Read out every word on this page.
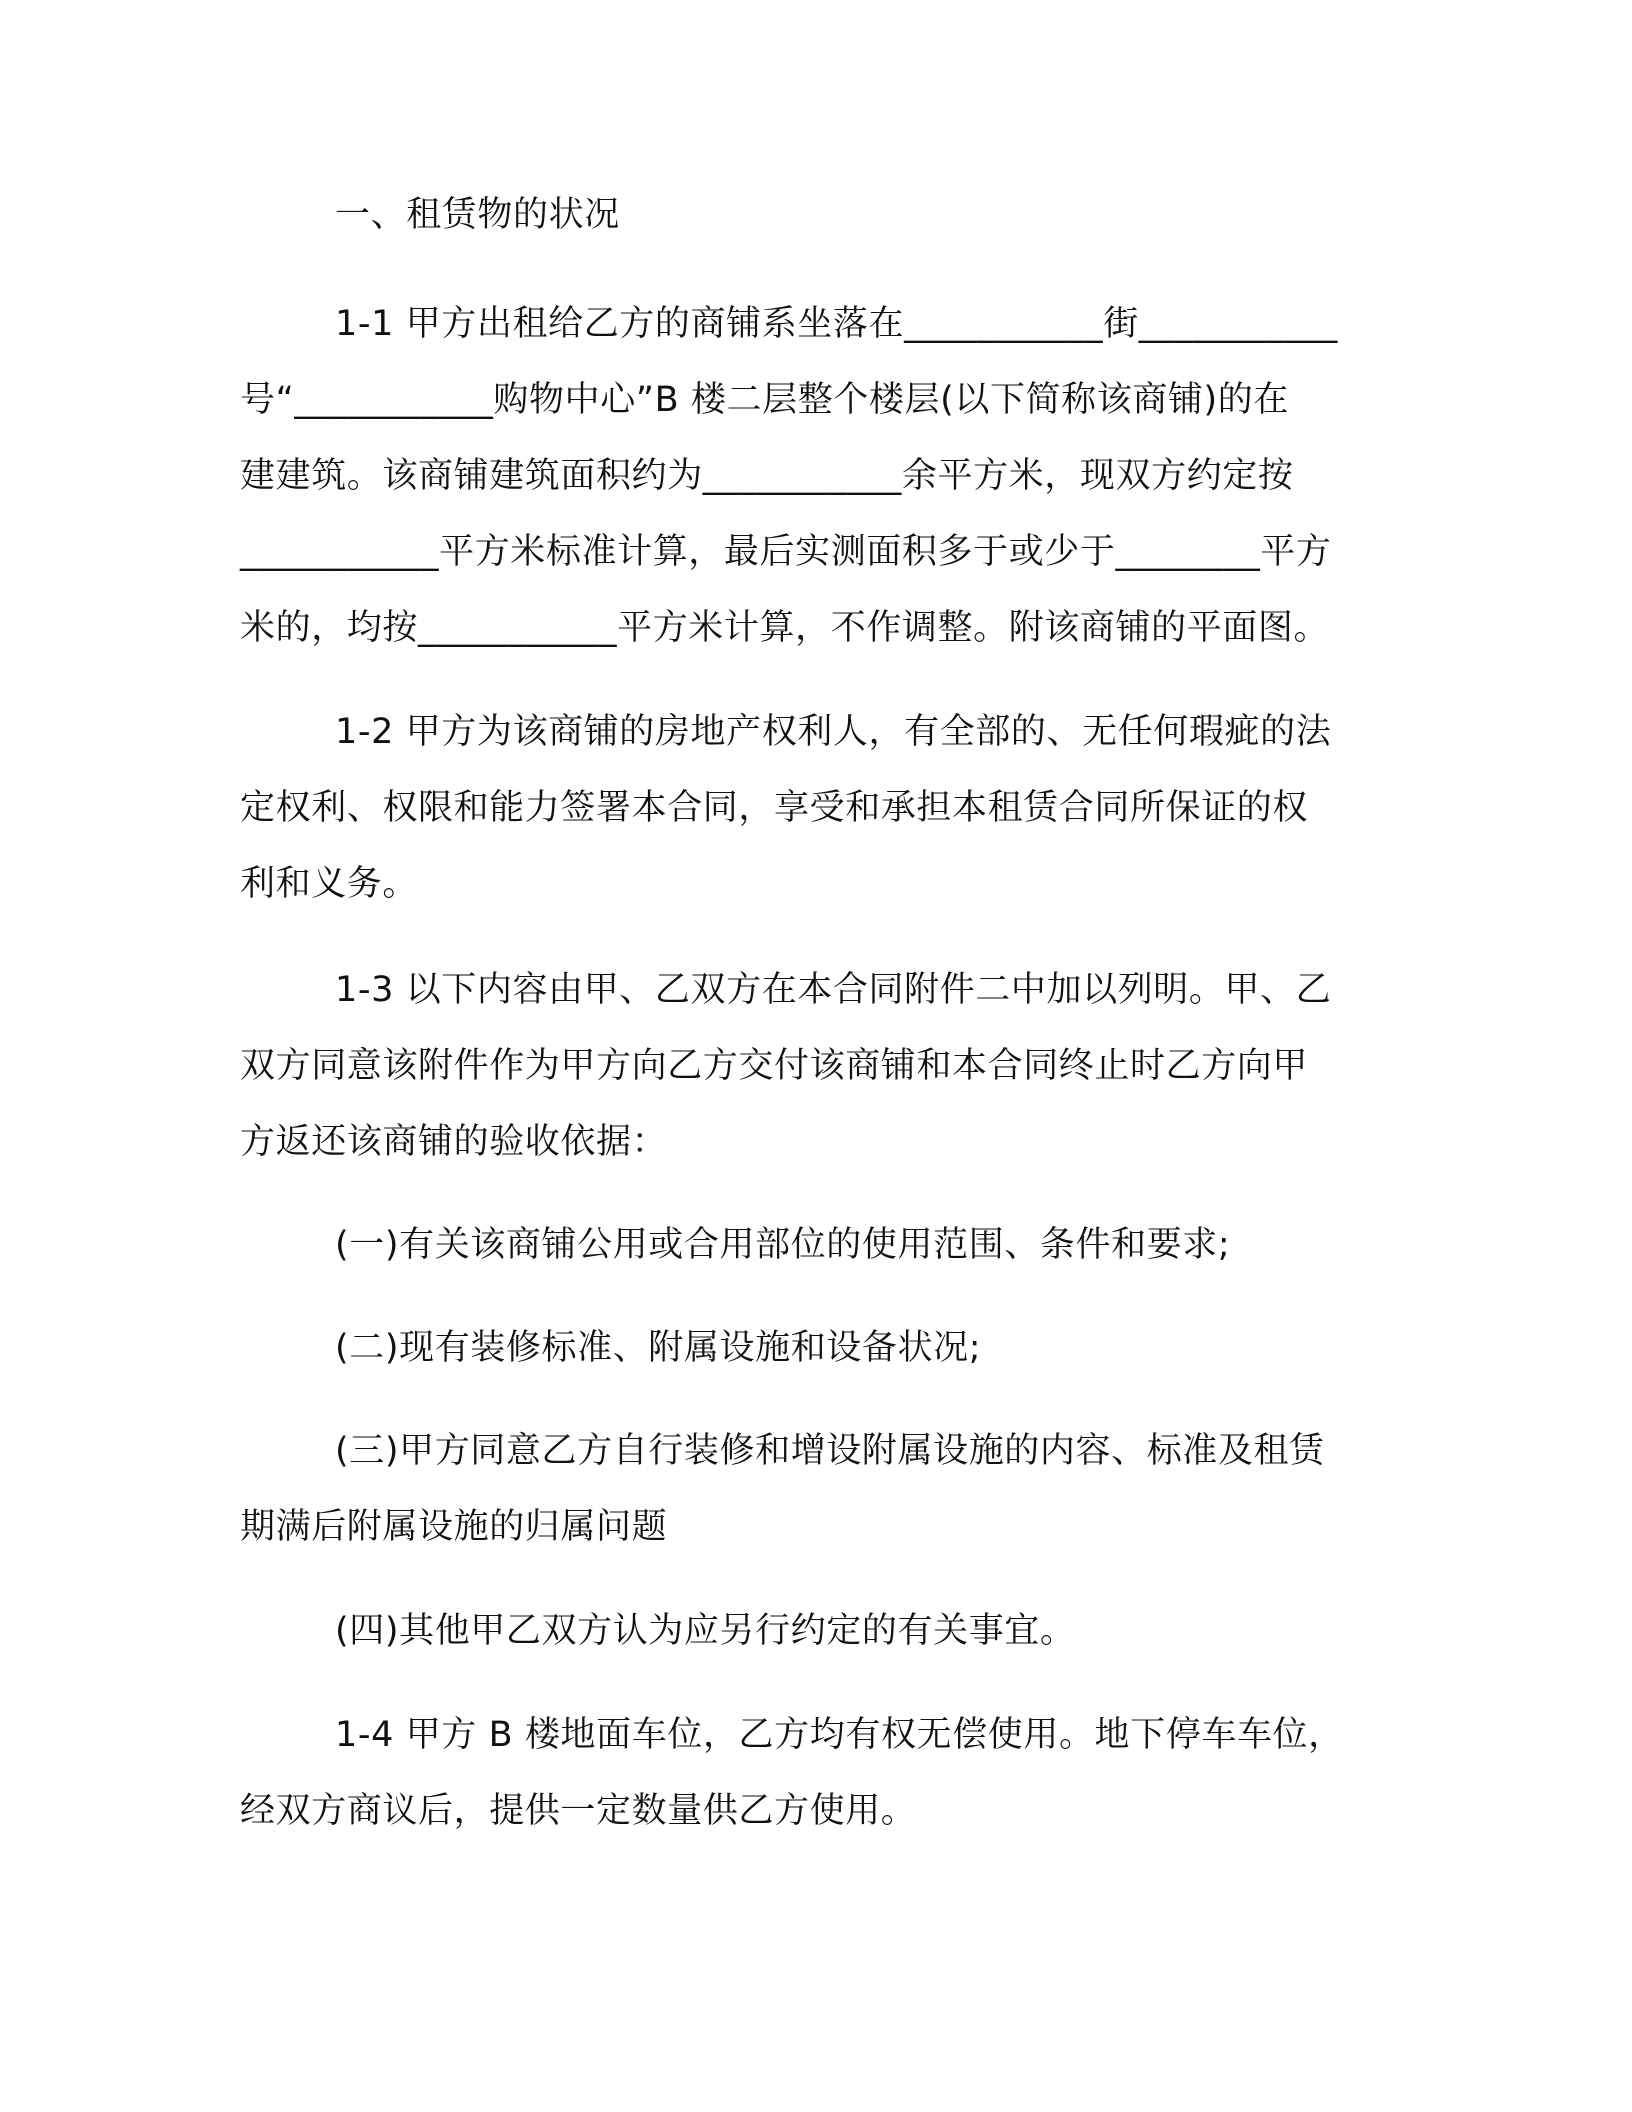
一、租赁物的状况

1-1 甲方出租给乙方的商铺系坐落在___________街___________

号“___________购物中心”B 楼二层整个楼层(以下简称该商铺)的在

建建筑。该商铺建筑面积约为___________余平方米，现双方约定按

___________平方米标准计算，最后实测面积多于或少于________平方

米的，均按___________平方米计算，不作调整。附该商铺的平面图。

1-2 甲方为该商铺的房地产权利人，有全部的、无任何瑕疵的法

定权利、权限和能力签署本合同，享受和承担本租赁合同所保证的权

利和义务。

1-3 以下内容由甲、乙双方在本合同附件二中加以列明。甲、乙

双方同意该附件作为甲方向乙方交付该商铺和本合同终止时乙方向甲

方返还该商铺的验收依据：

(一)有关该商铺公用或合用部位的使用范围、条件和要求;

(二)现有装修标准、附属设施和设备状况;

(三)甲方同意乙方自行装修和增设附属设施的内容、标准及租赁

期满后附属设施的归属问题

(四)其他甲乙双方认为应另行约定的有关事宜。

1-4 甲方 B 楼地面车位，乙方均有权无偿使用。地下停车车位，

经双方商议后，提供一定数量供乙方使用。
